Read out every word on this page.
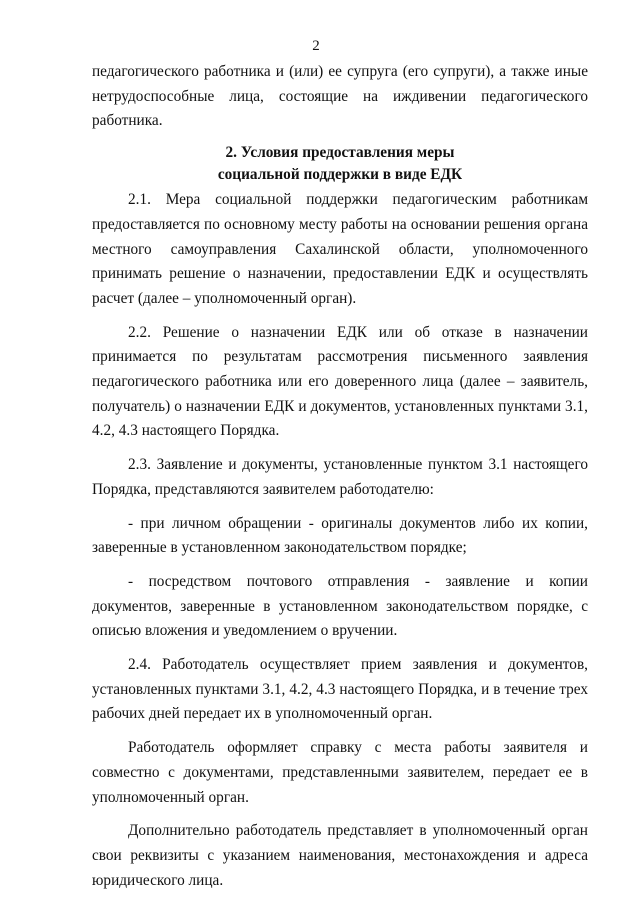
2

педагогического работника и (или) ее супруга (его супруги), а также иные нетрудоспособные лица, состоящие на иждивении педагогического работника.

2. Условия предоставления меры
социальной поддержки в виде ЕДК

2.1. Мера социальной поддержки педагогическим работникам предоставляется по основному месту работы на основании решения органа местного самоуправления Сахалинской области, уполномоченного принимать решение о назначении, предоставлении ЕДК и осуществлять расчет (далее – уполномоченный орган).

2.2. Решение о назначении ЕДК или об отказе в назначении принимается по результатам рассмотрения письменного заявления педагогического работника или его доверенного лица (далее – заявитель, получатель) о назначении ЕДК и документов, установленных пунктами 3.1, 4.2, 4.3 настоящего Порядка.

2.3. Заявление и документы, установленные пунктом 3.1 настоящего Порядка, представляются заявителем работодателю:

- при личном обращении - оригиналы документов либо их копии, заверенные в установленном законодательством порядке;

- посредством почтового отправления - заявление и копии документов, заверенные в установленном законодательством порядке, с описью вложения и уведомлением о вручении.

2.4. Работодатель осуществляет прием заявления и документов, установленных пунктами 3.1, 4.2, 4.3 настоящего Порядка, и в течение трех рабочих дней передает их в уполномоченный орган.

Работодатель оформляет справку с места работы заявителя и совместно с документами, представленными заявителем, передает ее в уполномоченный орган.

Дополнительно работодатель представляет в уполномоченный орган свои реквизиты с указанием наименования, местонахождения и адреса юридического лица.
